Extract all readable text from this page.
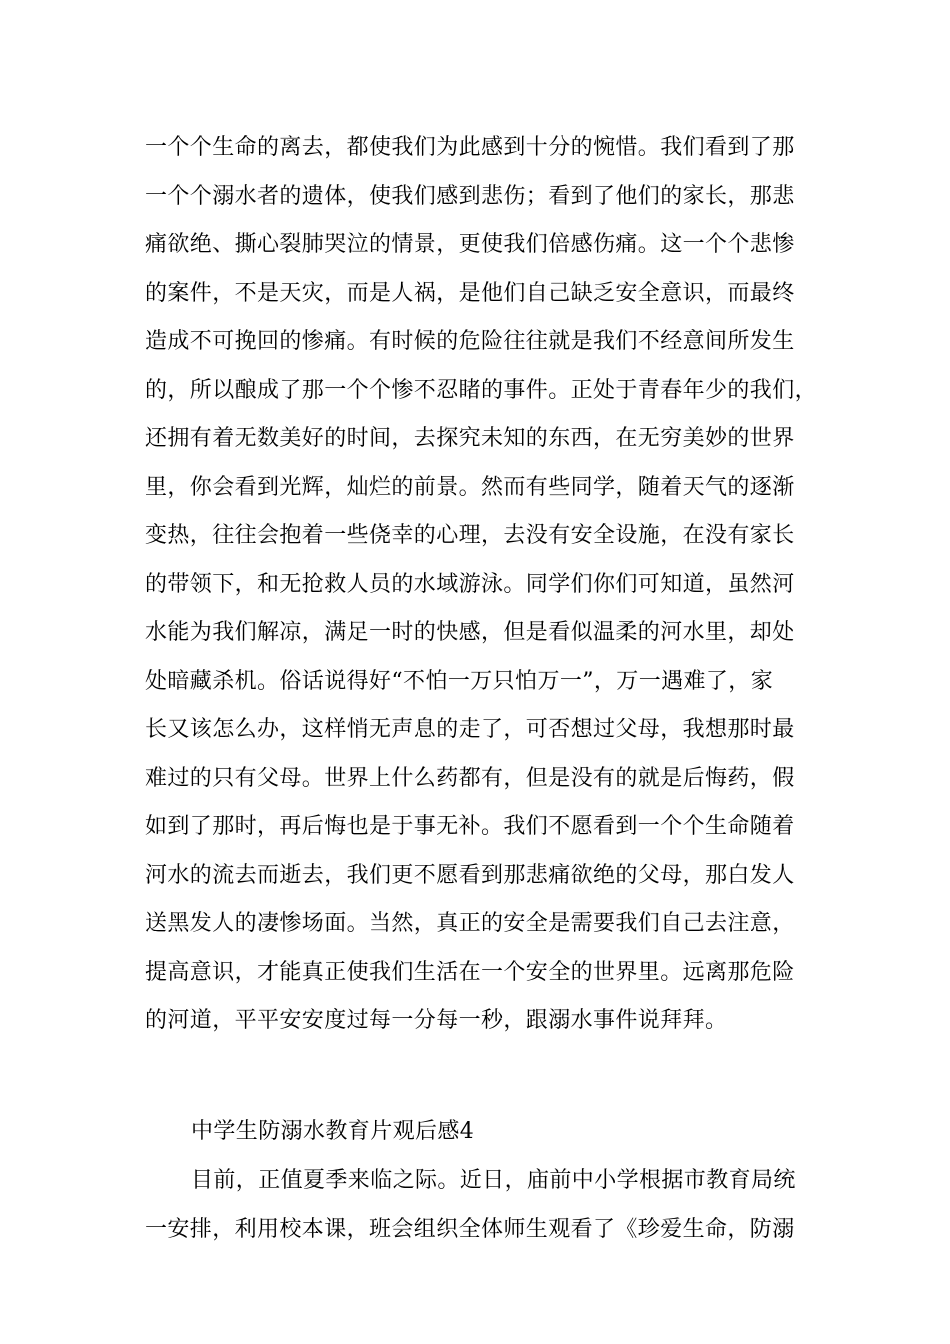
一个个生命的离去，都使我们为此感到十分的惋惜。我们看到了那
一个个溺水者的遗体，使我们感到悲伤；看到了他们的家长，那悲
痛欲绝、撕心裂肺哭泣的情景，更使我们倍感伤痛。这一个个悲惨
的案件，不是天灾，而是人祸，是他们自己缺乏安全意识，而最终
造成不可挽回的惨痛。有时候的危险往往就是我们不经意间所发生
的，所以酿成了那一个个惨不忍睹的事件。正处于青春年少的我们，
还拥有着无数美好的时间，去探究未知的东西，在无穷美妙的世界
里，你会看到光辉，灿烂的前景。然而有些同学，随着天气的逐渐
变热，往往会抱着一些侥幸的心理，去没有安全设施，在没有家长
的带领下，和无抢救人员的水域游泳。同学们你们可知道，虽然河
水能为我们解凉，满足一时的快感，但是看似温柔的河水里，却处
处暗藏杀机。俗话说得好“不怕一万只怕万一”，万一遇难了，家
长又该怎么办，这样悄无声息的走了，可否想过父母，我想那时最
难过的只有父母。世界上什么药都有，但是没有的就是后悔药，假
如到了那时，再后悔也是于事无补。我们不愿看到一个个生命随着
河水的流去而逝去，我们更不愿看到那悲痛欲绝的父母，那白发人
送黑发人的凄惨场面。当然，真正的安全是需要我们自己去注意，
提高意识，才能真正使我们生活在一个安全的世界里。远离那危险
的河道，平平安安度过每一分每一秒，跟溺水事件说拜拜。
中学生防溺水教育片观后感4
目前，正值夏季来临之际。近日，庙前中小学根据市教育局统
一安排，利用校本课，班会组织全体师生观看了《珍爱生命，防溺
